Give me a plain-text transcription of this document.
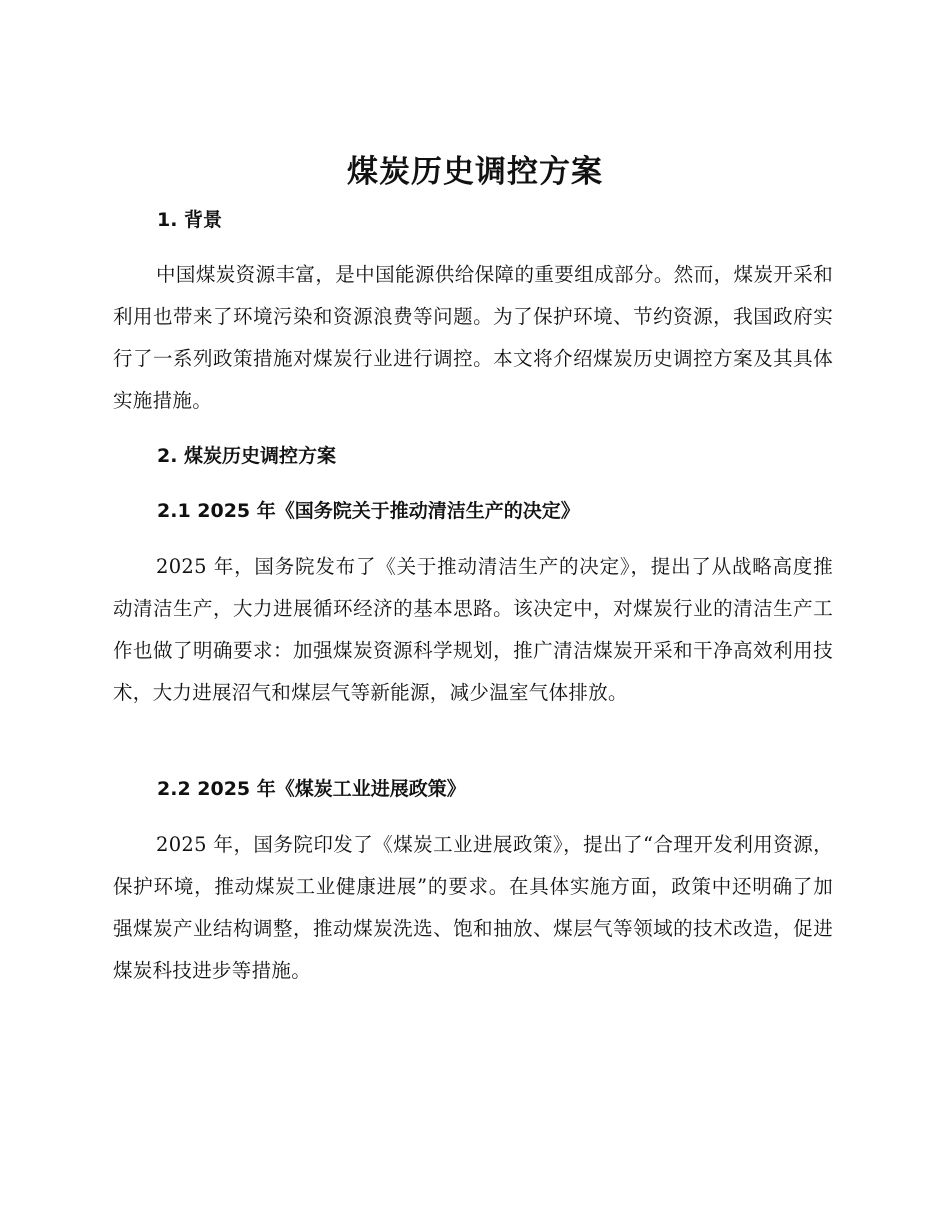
煤炭历史调控方案
1. 背景

中国煤炭资源丰富，是中国能源供给保障的重要组成部分。然而，煤炭开采和利用也带来了环境污染和资源浪费等问题。为了保护环境、节约资源，我国政府实行了一系列政策措施对煤炭行业进行调控。本文将介绍煤炭历史调控方案及其具体实施措施。

2. 煤炭历史调控方案
2.1 2025 年《国务院关于推动清洁生产的决定》

2025 年，国务院发布了《关于推动清洁生产的决定》，提出了从战略高度推动清洁生产，大力进展循环经济的基本思路。该决定中，对煤炭行业的清洁生产工作也做了明确要求：加强煤炭资源科学规划，推广清洁煤炭开采和干净高效利用技术，大力进展沼气和煤层气等新能源，减少温室气体排放。

2.2 2025 年《煤炭工业进展政策》

2025 年，国务院印发了《煤炭工业进展政策》，提出了“合理开发利用资源，保护环境，推动煤炭工业健康进展”的要求。在具体实施方面，政策中还明确了加强煤炭产业结构调整，推动煤炭洗选、饱和抽放、煤层气等领域的技术改造，促进煤炭科技进步等措施。
